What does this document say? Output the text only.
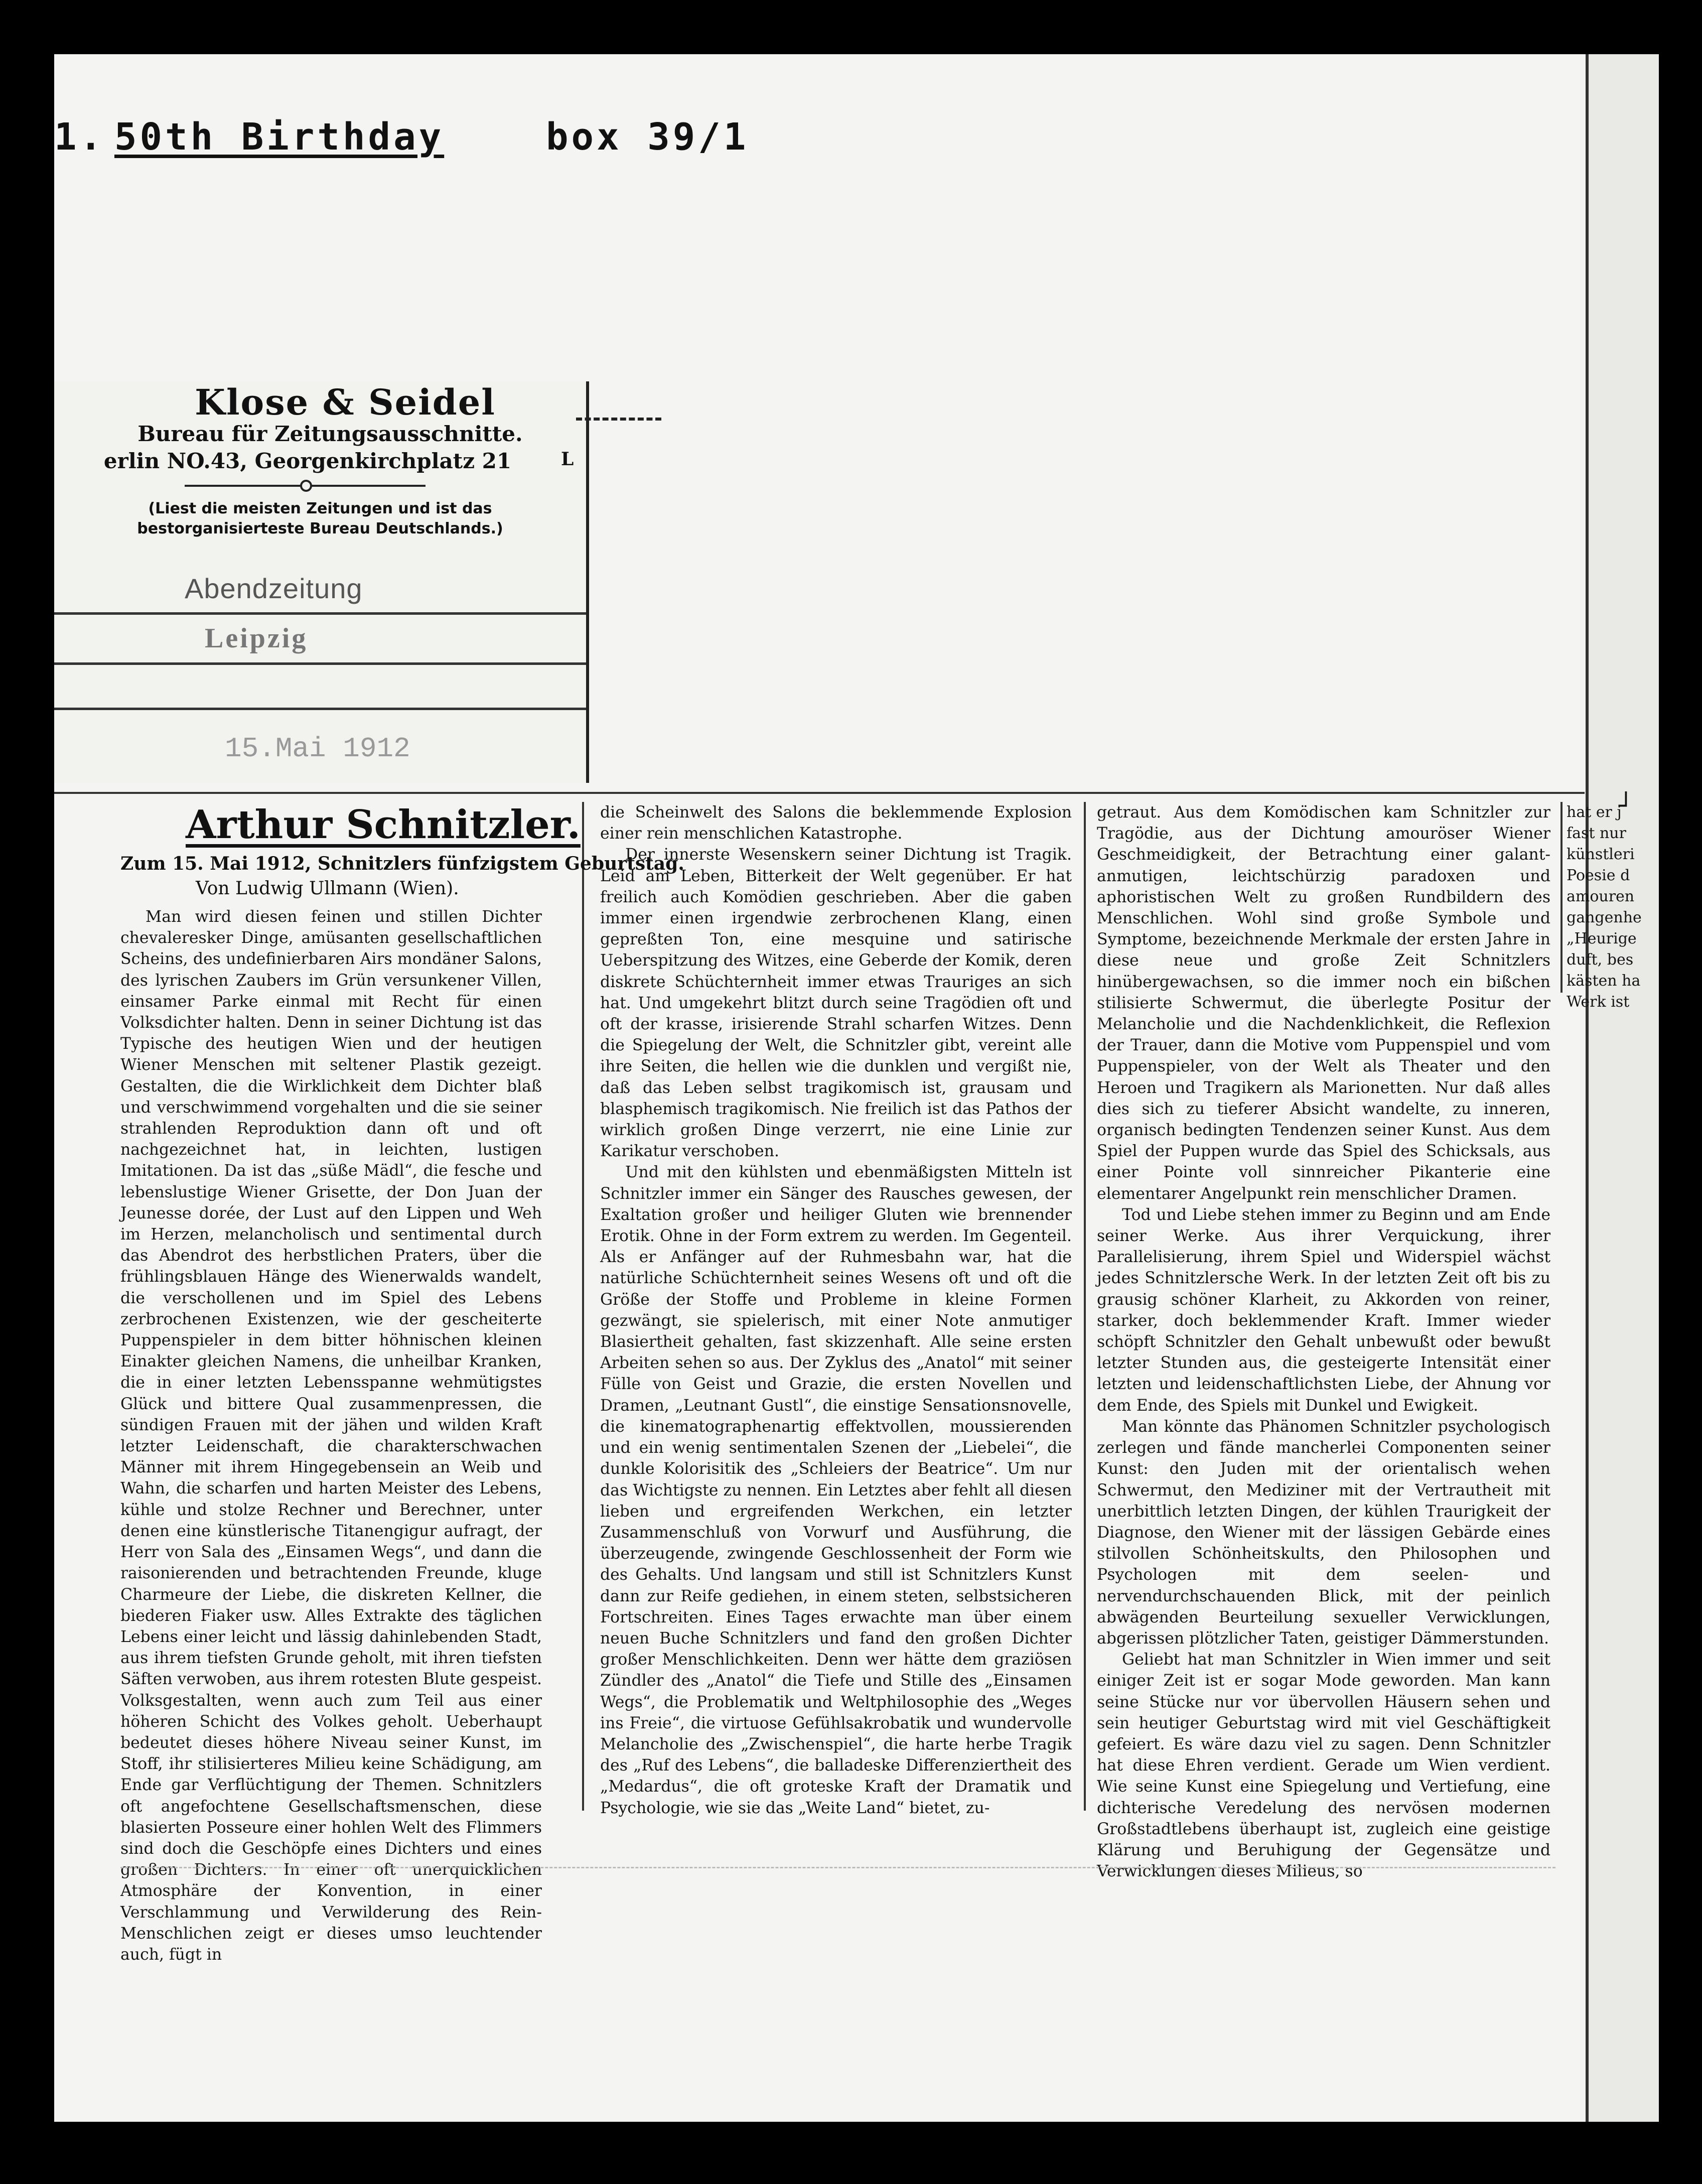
1. 50th Birthday	box 39/1
Klose & Seidel
Bureau für Zeitungsausschnitte.
erlin NO.43, Georgenkirchplatz 21	L
(Liest die meisten Zeitungen und ist das
bestorganisierteste Bureau Deutschlands.)
Abendzeitung
Leipzig
15.Mai 1912
┘
Arthur Schnitzler.
Zum 15. Mai 1912, Schnitzlers fünfzigstem Geburtstag.
Von Ludwig Ullmann (Wien).

Man wird diesen feinen und stillen Dichter chevaleresker Dinge, amüsanten gesellschaftlichen Scheins, des undefinierbaren Airs mondäner Salons, des lyrischen Zaubers im Grün versunkener Villen, einsamer Parke einmal mit Recht für einen Volksdichter halten. Denn in seiner Dichtung ist das Typische des heutigen Wien und der heutigen Wiener Menschen mit seltener Plastik gezeigt. Gestalten, die die Wirklichkeit dem Dichter blaß und verschwimmend vorgehalten und die sie seiner strahlenden Reproduktion dann oft und oft nachgezeichnet hat, in leichten, lustigen Imitationen. Da ist das „süße Mädl“, die fesche und lebenslustige Wiener Grisette, der Don Juan der Jeunesse dorée, der Lust auf den Lippen und Weh im Herzen, melancholisch und sentimental durch das Abendrot des herbstlichen Praters, über die frühlingsblauen Hänge des Wienerwalds wandelt, die verschollenen und im Spiel des Lebens zerbrochenen Existenzen, wie der gescheiterte Puppenspieler in dem bitter höhnischen kleinen Einakter gleichen Namens, die unheilbar Kranken, die in einer letzten Lebensspanne wehmütigstes Glück und bittere Qual zusammenpressen, die sündigen Frauen mit der jähen und wilden Kraft letzter Leidenschaft, die charakterschwachen Männer mit ihrem Hingegebensein an Weib und Wahn, die scharfen und harten Meister des Lebens, kühle und stolze Rechner und Berechner, unter denen eine künstlerische Titanengigur aufragt, der Herr von Sala des „Einsamen Wegs“, und dann die raisonierenden und betrachtenden Freunde, kluge Charmeure der Liebe, die diskreten Kellner, die biederen Fiaker usw. Alles Extrakte des täglichen Lebens einer leicht und lässig dahinlebenden Stadt, aus ihrem tiefsten Grunde geholt, mit ihren tiefsten Säften verwoben, aus ihrem rotesten Blute gespeist. Volksgestalten, wenn auch zum Teil aus einer höheren Schicht des Volkes geholt. Ueberhaupt bedeutet dieses höhere Niveau seiner Kunst, im Stoff, ihr stilisierteres Milieu keine Schädigung, am Ende gar Verflüchtigung der Themen. Schnitzlers oft angefochtene Gesellschaftsmenschen, diese blasierten Posseure einer hohlen Welt des Flimmers sind doch die Geschöpfe eines Dichters und eines großen Dichters. In einer oft unerquicklichen Atmosphäre der Konvention, in einer Verschlammung und Verwilderung des Rein-Menschlichen zeigt er dieses umso leuchtender auch, fügt in

die Scheinwelt des Salons die beklemmende Explosion einer rein menschlichen Katastrophe.

Der innerste Wesenskern seiner Dichtung ist Tragik. Leid am Leben, Bitterkeit der Welt gegenüber. Er hat freilich auch Komödien geschrieben. Aber die gaben immer einen irgendwie zerbrochenen Klang, einen gepreßten Ton, eine mesquine und satirische Ueberspitzung des Witzes, eine Geberde der Komik, deren diskrete Schüchternheit immer etwas Trauriges an sich hat. Und umgekehrt blitzt durch seine Tragödien oft und oft der krasse, irisierende Strahl scharfen Witzes. Denn die Spiegelung der Welt, die Schnitzler gibt, vereint alle ihre Seiten, die hellen wie die dunklen und vergißt nie, daß das Leben selbst tragikomisch ist, grausam und blasphemisch tragikomisch. Nie freilich ist das Pathos der wirklich großen Dinge verzerrt, nie eine Linie zur Karikatur verschoben.

Und mit den kühlsten und ebenmäßigsten Mitteln ist Schnitzler immer ein Sänger des Rausches gewesen, der Exaltation großer und heiliger Gluten wie brennender Erotik. Ohne in der Form extrem zu werden. Im Gegenteil. Als er Anfänger auf der Ruhmesbahn war, hat die natürliche Schüchternheit seines Wesens oft und oft die Größe der Stoffe und Probleme in kleine Formen gezwängt, sie spielerisch, mit einer Note anmutiger Blasiertheit gehalten, fast skizzenhaft. Alle seine ersten Arbeiten sehen so aus. Der Zyklus des „Anatol“ mit seiner Fülle von Geist und Grazie, die ersten Novellen und Dramen, „Leutnant Gustl“, die einstige Sensationsnovelle, die kinematographenartig effektvollen, moussierenden und ein wenig sentimentalen Szenen der „Liebelei“, die dunkle Kolorisitik des „Schleiers der Beatrice“. Um nur das Wichtigste zu nennen. Ein Letztes aber fehlt all diesen lieben und ergreifenden Werkchen, ein letzter Zusammenschluß von Vorwurf und Ausführung, die überzeugende, zwingende Geschlossenheit der Form wie des Gehalts. Und langsam und still ist Schnitzlers Kunst dann zur Reife gediehen, in einem steten, selbstsicheren Fortschreiten. Eines Tages erwachte man über einem neuen Buche Schnitzlers und fand den großen Dichter großer Menschlichkeiten. Denn wer hätte dem graziösen Zündler des „Anatol“ die Tiefe und Stille des „Einsamen Wegs“, die Problematik und Weltphilosophie des „Weges ins Freie“, die virtuose Gefühlsakrobatik und wundervolle Melancholie des „Zwischenspiel“, die harte herbe Tragik des „Ruf des Lebens“, die balladeske Differenziertheit des „Medardus“, die oft groteske Kraft der Dramatik und Psychologie, wie sie das „Weite Land“ bietet, zu-

getraut. Aus dem Komödischen kam Schnitzler zur Tragödie, aus der Dichtung amouröser Wiener Geschmeidigkeit, der Betrachtung einer galant-anmutigen, leichtschürzig paradoxen und aphoristischen Welt zu großen Rundbildern des Menschlichen. Wohl sind große Symbole und Symptome, bezeichnende Merkmale der ersten Jahre in diese neue und große Zeit Schnitzlers hinübergewachsen, so die immer noch ein bißchen stilisierte Schwermut, die überlegte Positur der Melancholie und die Nachdenklichkeit, die Reflexion der Trauer, dann die Motive vom Puppenspiel und vom Puppenspieler, von der Welt als Theater und den Heroen und Tragikern als Marionetten. Nur daß alles dies sich zu tieferer Absicht wandelte, zu inneren, organisch bedingten Tendenzen seiner Kunst. Aus dem Spiel der Puppen wurde das Spiel des Schicksals, aus einer Pointe voll sinnreicher Pikanterie eine elementarer Angelpunkt rein menschlicher Dramen.

Tod und Liebe stehen immer zu Beginn und am Ende seiner Werke. Aus ihrer Verquickung, ihrer Parallelisierung, ihrem Spiel und Widerspiel wächst jedes Schnitzlersche Werk. In der letzten Zeit oft bis zu grausig schöner Klarheit, zu Akkorden von reiner, starker, doch beklemmender Kraft. Immer wieder schöpft Schnitzler den Gehalt unbewußt oder bewußt letzter Stunden aus, die gesteigerte Intensität einer letzten und leidenschaftlichsten Liebe, der Ahnung vor dem Ende, des Spiels mit Dunkel und Ewigkeit.

Man könnte das Phänomen Schnitzler psychologisch zerlegen und fände mancherlei Componenten seiner Kunst: den Juden mit der orientalisch wehen Schwermut, den Mediziner mit der Vertrautheit mit unerbittlich letzten Dingen, der kühlen Traurigkeit der Diagnose, den Wiener mit der lässigen Gebärde eines stilvollen Schönheitskults, den Philosophen und Psychologen mit dem seelen- und nervendurchschauenden Blick, mit der peinlich abwägenden Beurteilung sexueller Verwicklungen, abgerissen plötzlicher Taten, geistiger Dämmerstunden.

Geliebt hat man Schnitzler in Wien immer und seit einiger Zeit ist er sogar Mode geworden. Man kann seine Stücke nur vor übervollen Häusern sehen und sein heutiger Geburtstag wird mit viel Geschäftigkeit gefeiert. Es wäre dazu viel zu sagen. Denn Schnitzler hat diese Ehren verdient. Gerade um Wien verdient. Wie seine Kunst eine Spiegelung und Vertiefung, eine dichterische Veredelung des nervösen modernen Großstadtlebens überhaupt ist, zugleich eine geistige Klärung und Beruhigung der Gegensätze und Verwicklungen dieses Milieus, so

hat er j
fast nur
künstleri
Poesie d
amouren
gangenhe
„Heurige
duft, bes
kästen ha
Werk ist
